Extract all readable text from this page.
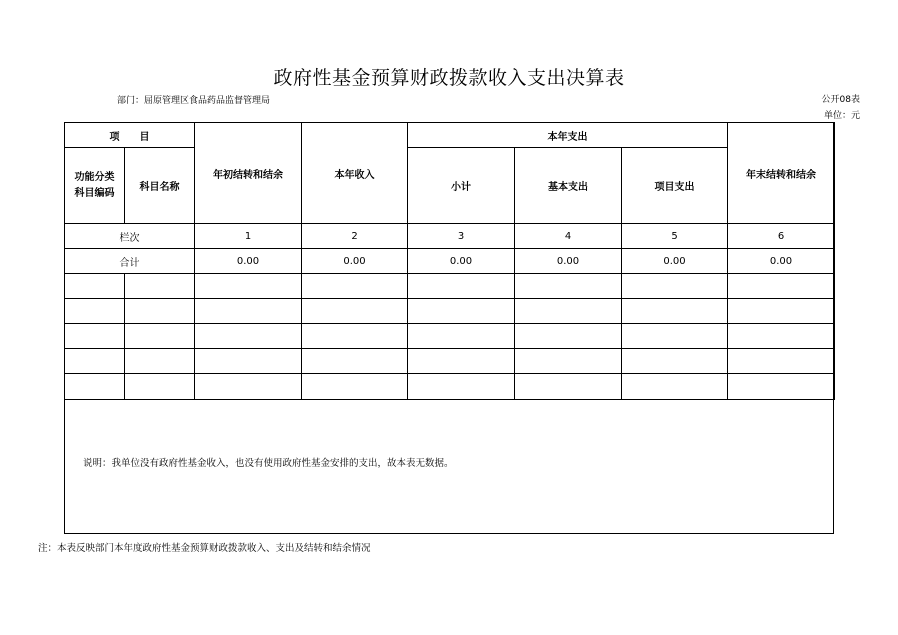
政府性基金预算财政拨款收入支出决算表
部门：屈原管理区食品药品监督管理局	公开08表
单位：元
项　　目		年初结转和结余	本年收入	本年支出			年末结转和结余
功能分类科目编码	科目名称			小计	基本支出	项目支出	

栏次		1	2	3	4	5	6
合计		0.00	0.00	0.00	0.00	0.00	0.00

说明：我单位没有政府性基金收入，也没有使用政府性基金安排的支出，故本表无数据。
注：本表反映部门本年度政府性基金预算财政拨款收入、支出及结转和结余情况
